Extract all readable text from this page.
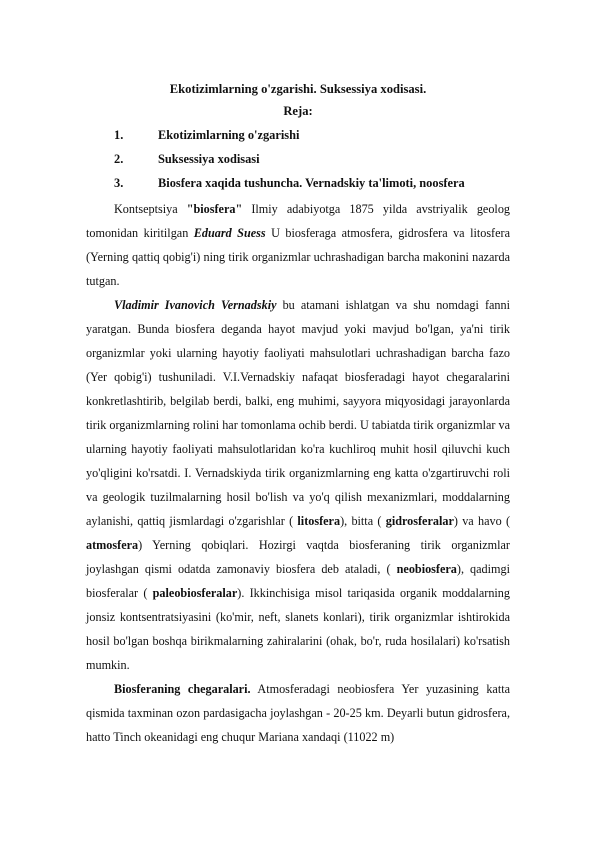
Ekotizimlarning o'zgarishi. Suksessiya xodisasi.
Reja:
1.	Ekotizimlarning o'zgarishi
2.	Suksessiya xodisasi
3.	Biosfera xaqida tushuncha. Vernadskiy ta'limoti, noosfera

Kontseptsiya "biosfera" Ilmiy adabiyotga 1875 yilda avstriyalik geolog tomonidan kiritilgan Eduard Suess U biosferaga atmosfera, gidrosfera va litosfera (Yerning qattiq qobig'i) ning tirik organizmlar uchrashadigan barcha makonini nazarda tutgan.

Vladimir Ivanovich Vernadskiy bu atamani ishlatgan va shu nomdagi fanni yaratgan. Bunda biosfera deganda hayot mavjud yoki mavjud bo'lgan, ya'ni tirik organizmlar yoki ularning hayotiy faoliyati mahsulotlari uchrashadigan barcha fazo (Yer qobig'i) tushuniladi. V.I.Vernadskiy nafaqat biosferadagi hayot chegaralarini konkretlashtirib, belgilab berdi, balki, eng muhimi, sayyora miqyosidagi jarayonlarda tirik organizmlarning rolini har tomonlama ochib berdi. U tabiatda tirik organizmlar va ularning hayotiy faoliyati mahsulotlaridan ko'ra kuchliroq muhit hosil qiluvchi kuch yo'qligini ko'rsatdi. I. Vernadskiyda tirik organizmlarning eng katta o'zgartiruvchi roli va geologik tuzilmalarning hosil bo'lish va yo'q qilish mexanizmlari, moddalarning aylanishi, qattiq jismlardagi o'zgarishlar ( litosfera), bitta ( gidrosferalar) va havo ( atmosfera) Yerning qobiqlari. Hozirgi vaqtda biosferaning tirik organizmlar joylashgan qismi odatda zamonaviy biosfera deb ataladi, ( neobiosfera), qadimgi biosferalar ( paleobiosferalar). Ikkinchisiga misol tariqasida organik moddalarning jonsiz kontsentratsiyasini (ko'mir, neft, slanets konlari), tirik organizmlar ishtirokida hosil bo'lgan boshqa birikmalarning zahiralarini (ohak, bo'r, ruda hosilalari) ko'rsatish mumkin.

Biosferaning chegaralari. Atmosferadagi neobiosfera Yer yuzasining katta qismida taxminan ozon pardasigacha joylashgan - 20-25 km. Deyarli butun gidrosfera, hatto Tinch okeanidagi eng chuqur Mariana xandaqi (11022 m)
